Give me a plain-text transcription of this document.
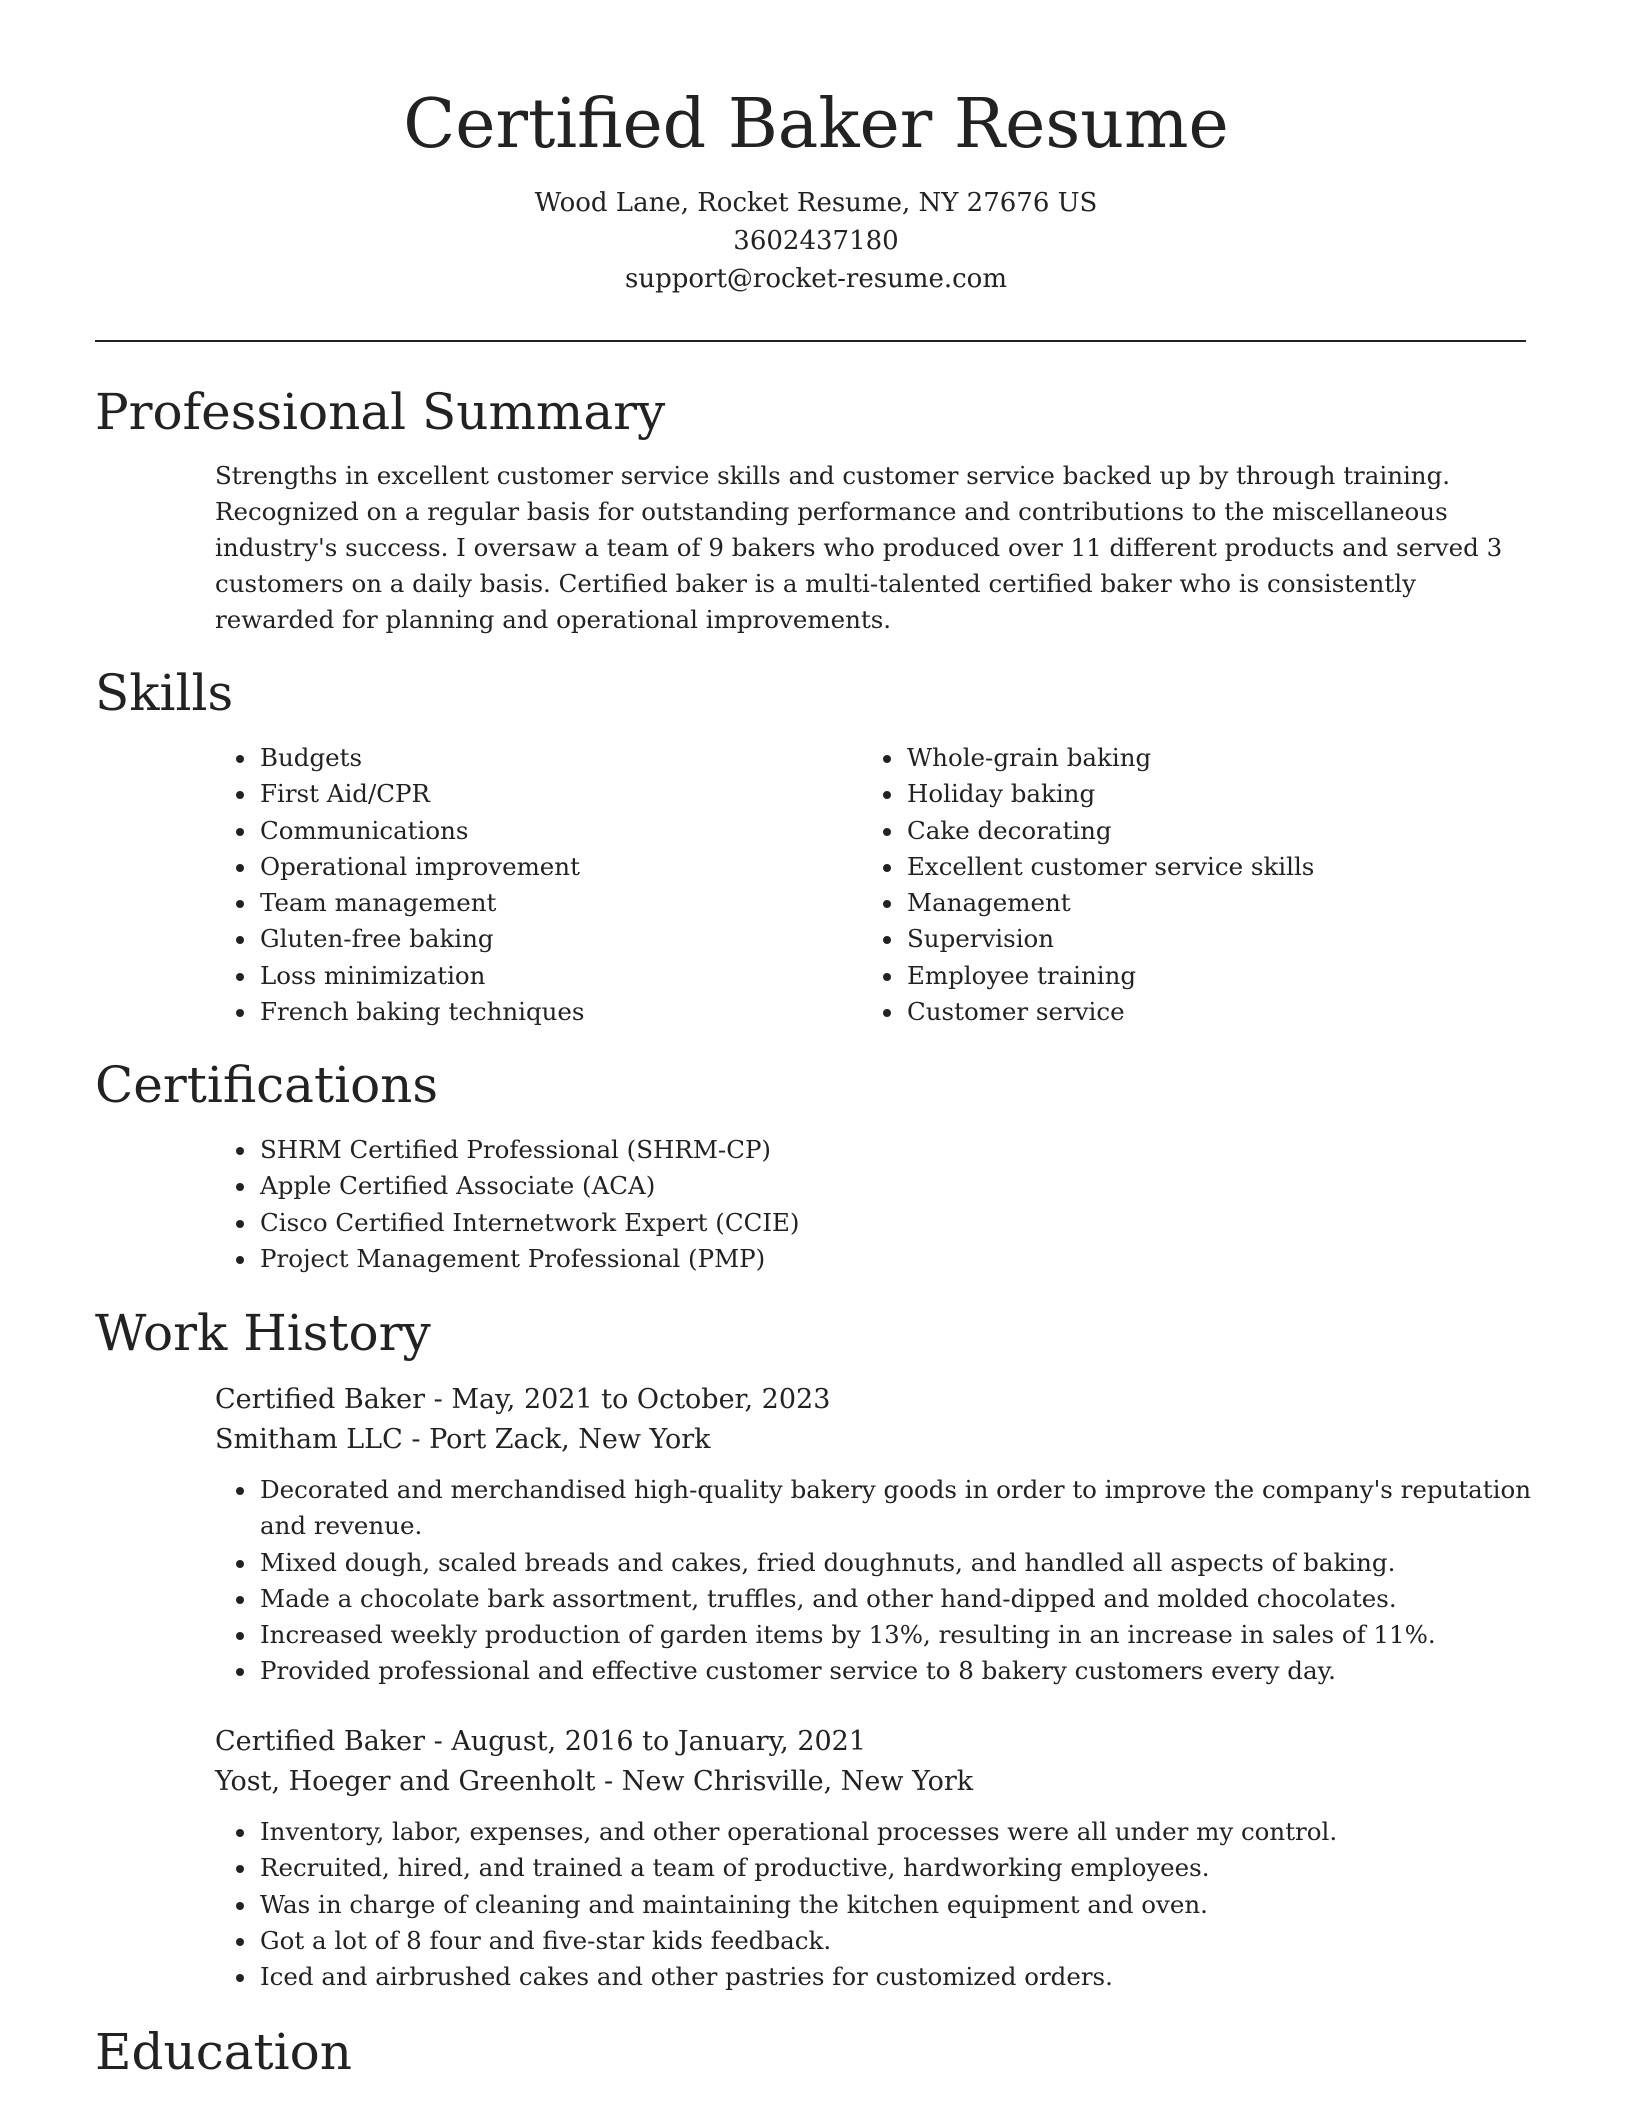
Certified Baker Resume

Wood Lane, Rocket Resume, NY 27676 US

3602437180

support@rocket-resume.com

Professional Summary

Strengths in excellent customer service skills and customer service backed up by through training. Recognized on a regular basis for outstanding performance and contributions to the miscellaneous industry's success. I oversaw a team of 9 bakers who produced over 11 different products and served 3 customers on a daily basis. Certified baker is a multi-talented certified baker who is consistently rewarded for planning and operational improvements.

Skills
• Budgets
• First Aid/CPR
• Communications
• Operational improvement
• Team management
• Gluten-free baking
• Loss minimization
• French baking techniques
• Whole-grain baking
• Holiday baking
• Cake decorating
• Excellent customer service skills
• Management
• Supervision
• Employee training
• Customer service
Certifications
• SHRM Certified Professional (SHRM-CP)
• Apple Certified Associate (ACA)
• Cisco Certified Internetwork Expert (CCIE)
• Project Management Professional (PMP)
Work History

Certified Baker - May, 2021 to October, 2023

Smitham LLC - Port Zack, New York

• Decorated and merchandised high-quality bakery goods in order to improve the company's reputation and revenue.
• Mixed dough, scaled breads and cakes, fried doughnuts, and handled all aspects of baking.
• Made a chocolate bark assortment, truffles, and other hand-dipped and molded chocolates.
• Increased weekly production of garden items by 13%, resulting in an increase in sales of 11%.
• Provided professional and effective customer service to 8 bakery customers every day.

Certified Baker - August, 2016 to January, 2021

Yost, Hoeger and Greenholt - New Chrisville, New York

• Inventory, labor, expenses, and other operational processes were all under my control.
• Recruited, hired, and trained a team of productive, hardworking employees.
• Was in charge of cleaning and maintaining the kitchen equipment and oven.
• Got a lot of 8 four and five-star kids feedback.
• Iced and airbrushed cakes and other pastries for customized orders.
Education
